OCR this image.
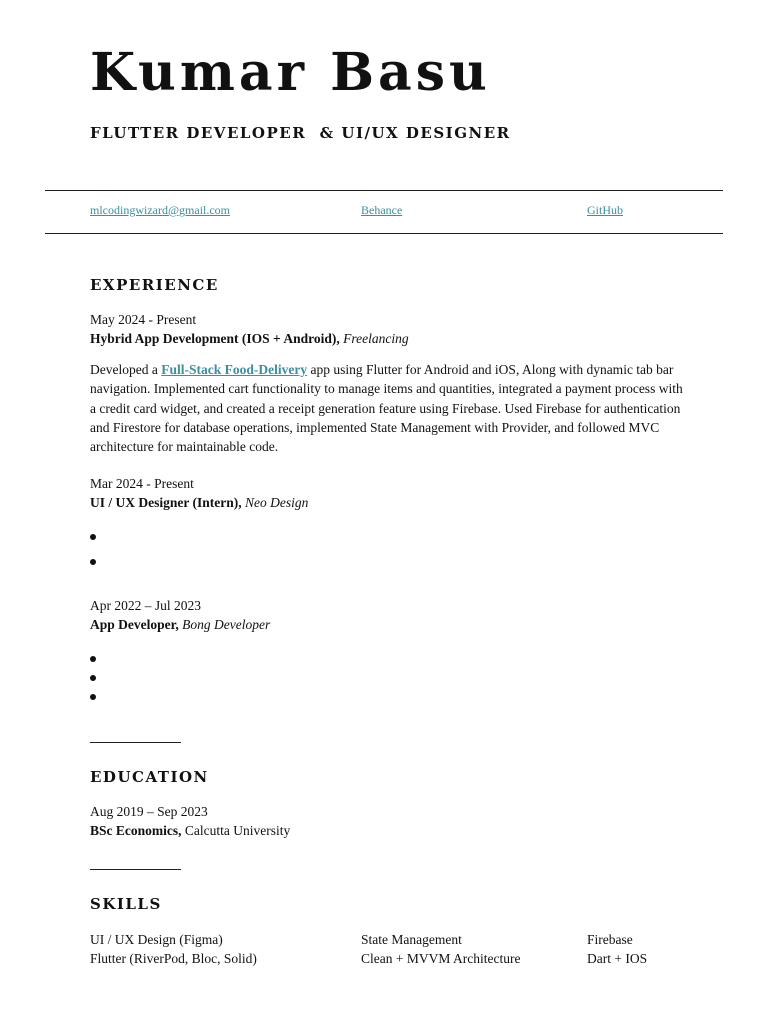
Kumar Basu
FLUTTER DEVELOPER  & UI/UX DESIGNER
mlcodingwizard@gmail.com	Behance	GitHub
EXPERIENCE
May 2024 - Present
Hybrid App Development (IOS + Android), Freelancing
Developed a Full-Stack Food-Delivery app using Flutter for Android and iOS, Along with dynamic tab bar navigation. Implemented cart functionality to manage items and quantities, integrated a payment process with a credit card widget, and created a receipt generation feature using Firebase. Used Firebase for authentication and Firestore for database operations, implemented State Management with Provider, and followed MVC architecture for maintainable code.
Mar 2024 - Present
UI / UX Designer (Intern), Neo Design
Apr 2022 – Jul 2023
App Developer, Bong Developer
EDUCATION
Aug 2019 – Sep 2023
BSc Economics, Calcutta University
SKILLS
UI / UX Design (Figma)	State Management	Firebase
Flutter (RiverPod, Bloc, Solid)	Clean + MVVM Architecture	Dart + IOS
